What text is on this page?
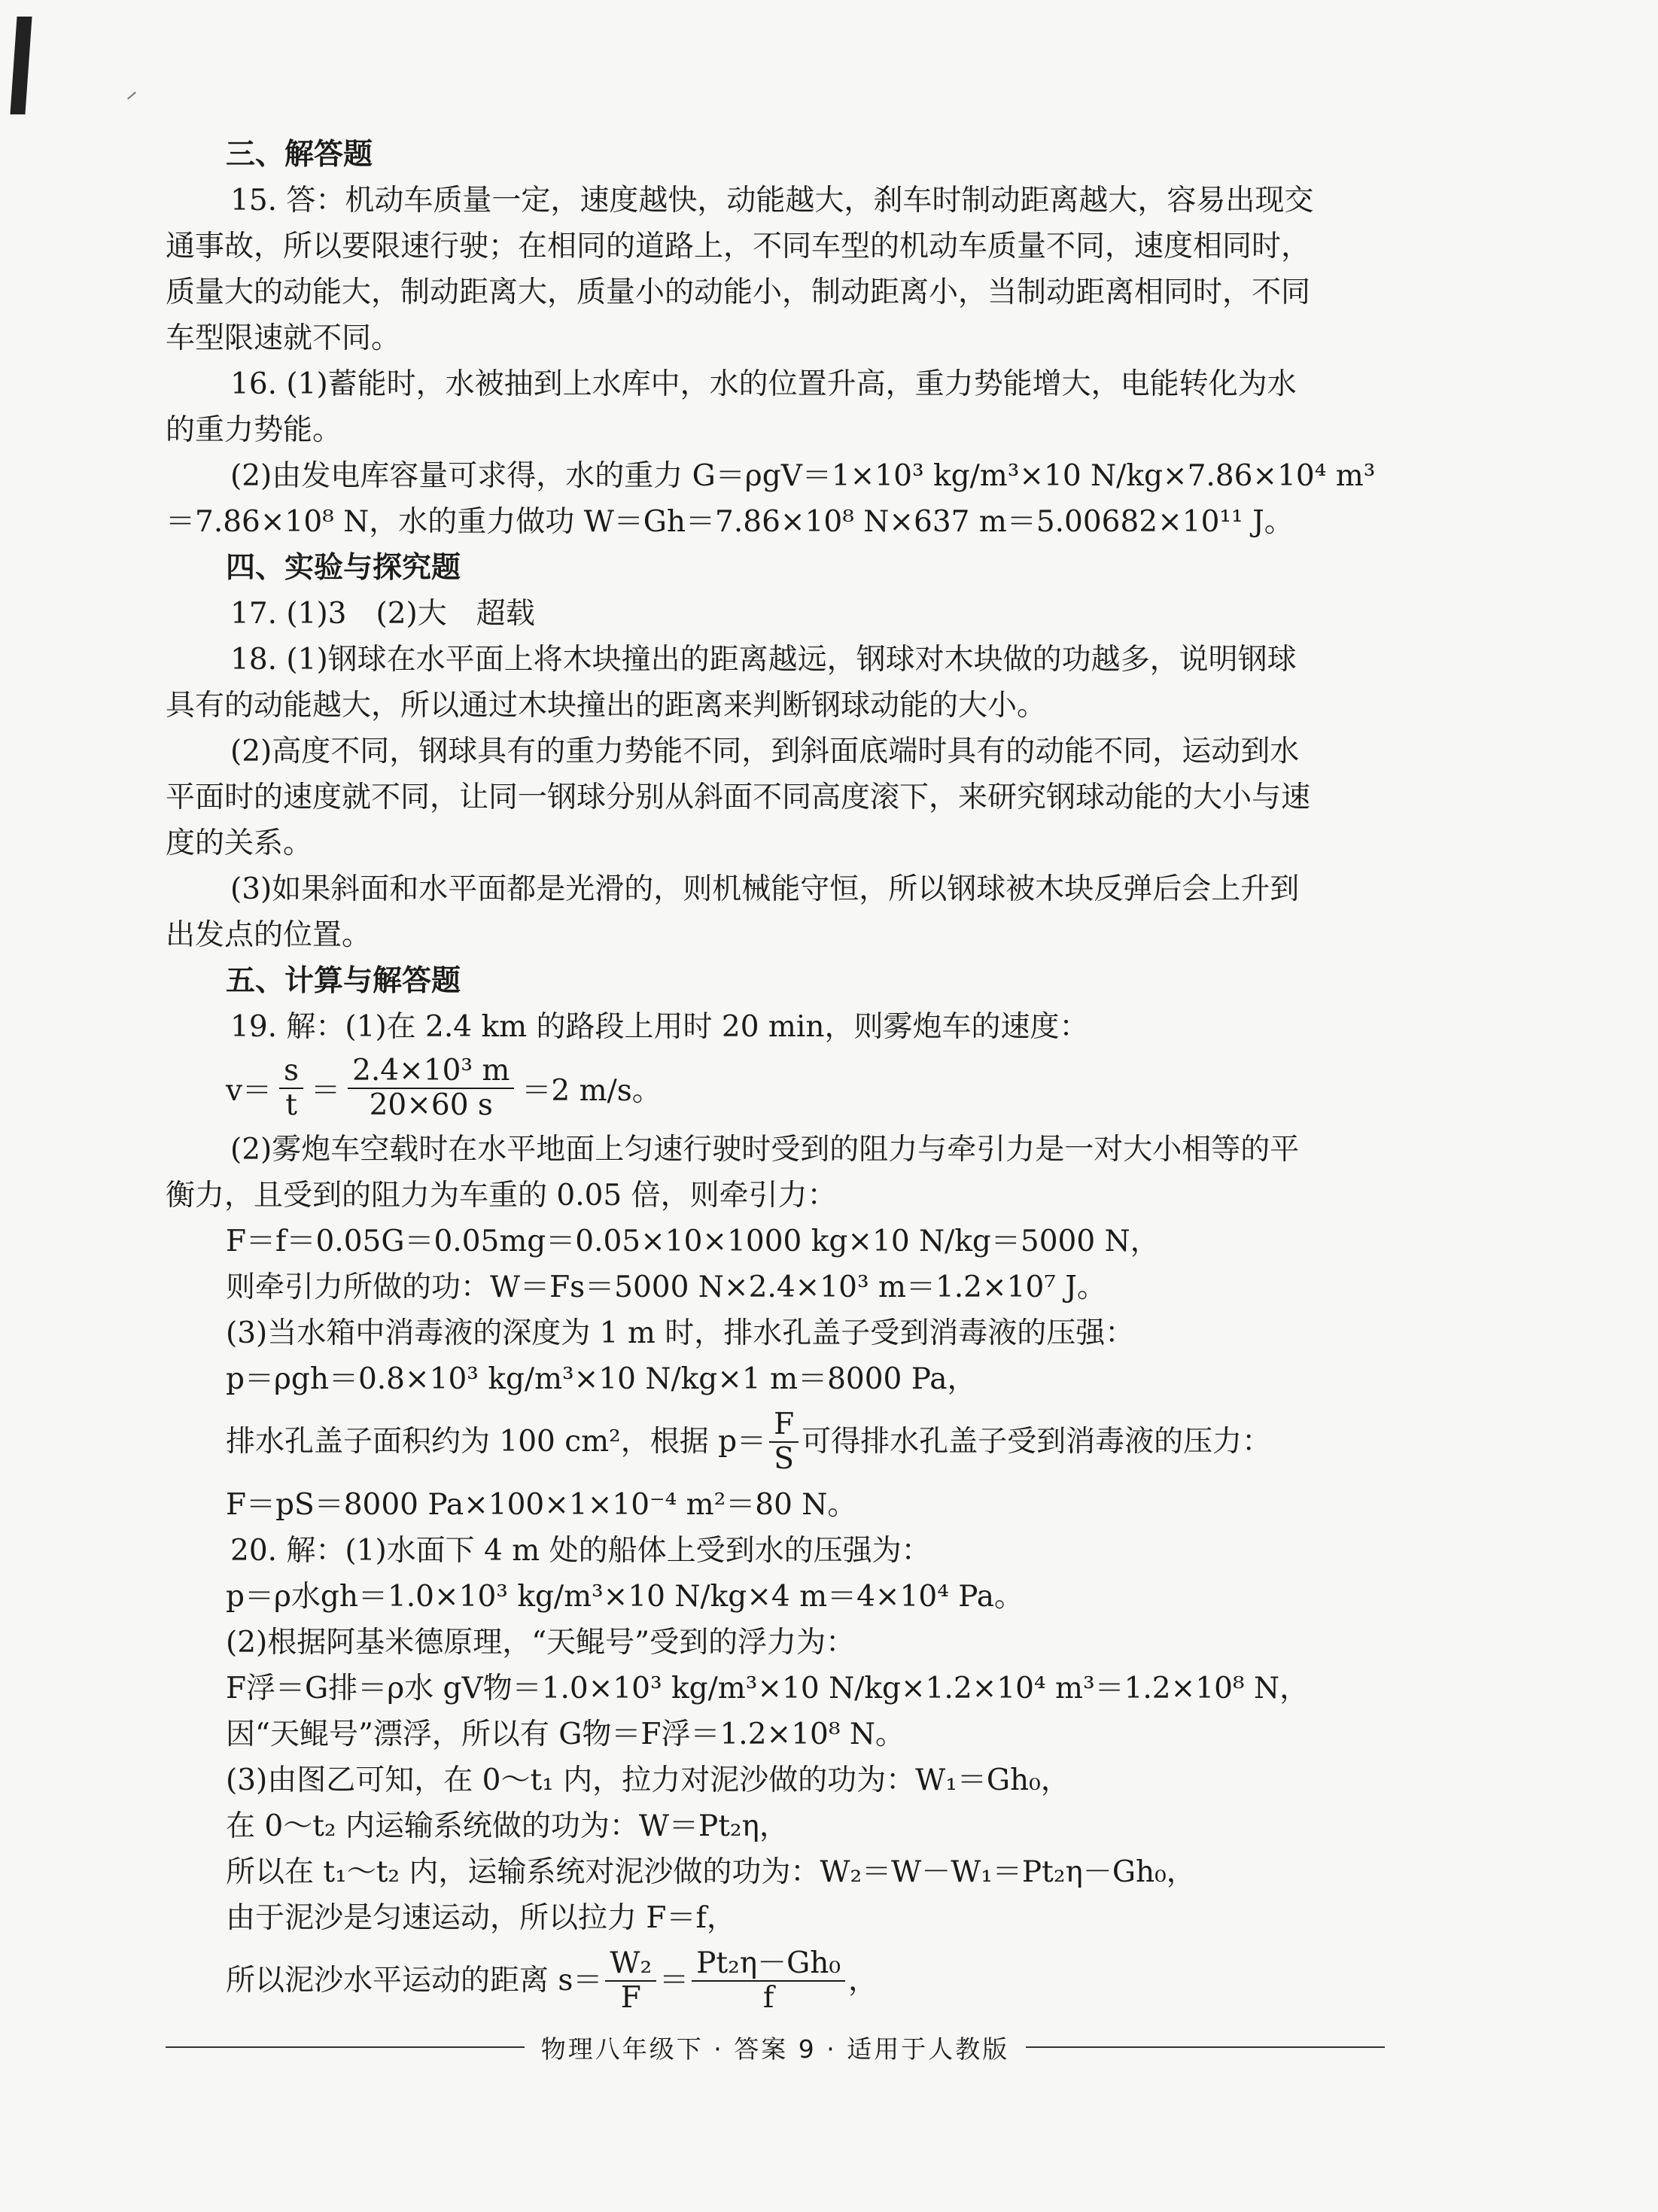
三、解答题
15. 答：机动车质量一定，速度越快，动能越大，刹车时制动距离越大，容易出现交
通事故，所以要限速行驶；在相同的道路上，不同车型的机动车质量不同，速度相同时，
质量大的动能大，制动距离大，质量小的动能小，制动距离小，当制动距离相同时，不同
车型限速就不同。
16. (1)蓄能时，水被抽到上水库中，水的位置升高，重力势能增大，电能转化为水
的重力势能。
(2)由发电库容量可求得，水的重力 G＝ρgV＝1×10³ kg/m³×10 N/kg×7.86×10⁴ m³
＝7.86×10⁸ N，水的重力做功 W＝Gh＝7.86×10⁸ N×637 m＝5.00682×10¹¹ J。
四、实验与探究题
17. (1)3　(2)大　超载
18. (1)钢球在水平面上将木块撞出的距离越远，钢球对木块做的功越多，说明钢球
具有的动能越大，所以通过木块撞出的距离来判断钢球动能的大小。
(2)高度不同，钢球具有的重力势能不同，到斜面底端时具有的动能不同，运动到水
平面时的速度就不同，让同一钢球分别从斜面不同高度滚下，来研究钢球动能的大小与速
度的关系。
(3)如果斜面和水平面都是光滑的，则机械能守恒，所以钢球被木块反弹后会上升到
出发点的位置。
五、计算与解答题
19. 解：(1)在 2.4 km 的路段上用时 20 min，则雾炮车的速度：
$v= \frac{s}{t} = \frac{\text{2.4×10³ m}}{20\times 60 s} =2$ m/s。
(2)雾炮车空载时在水平地面上匀速行驶时受到的阻力与牵引力是一对大小相等的平
衡力，且受到的阻力为车重的 0.05 倍，则牵引力：
F＝f＝0.05G＝0.05mg＝0.05×10×1000 kg×10 N/kg＝5000 N，
则牵引力所做的功：W＝Fs＝5000 N×2.4×10³ m＝1.2×10⁷ J。
(3)当水箱中消毒液的深度为 1 m 时，排水孔盖子受到消毒液的压强：
p＝ρgh＝0.8×10³ kg/m³×10 N/kg×1 m＝8000 Pa，
排水孔盖子面积约为 100 cm²，根据 $p= \frac{F}{S}$ 可得排水孔盖子受到消毒液的压力：
F＝pS＝8000 Pa×100×1×10⁻⁴ m²＝80 N。
20. 解：(1)水面下 4 m 处的船体上受到水的压强为：
p＝ρ水gh＝1.0×10³ kg/m³×10 N/kg×4 m＝4×10⁴ Pa。
(2)根据阿基米德原理，“天鲲号”受到的浮力为：
F浮＝G排＝ρ水 gV物＝1.0×10³ kg/m³×10 N/kg×1.2×10⁴ m³＝1.2×10⁸ N，
因“天鲲号”漂浮，所以有 G物＝F浮＝1.2×10⁸ N。
(3)由图乙可知，在 0～t₁ 内，拉力对泥沙做的功为：W₁＝Gh₀，
在 0～t₂ 内运输系统做的功为：W＝Pt₂η，
所以在 t₁～t₂ 内，运输系统对泥沙做的功为：W₂＝W－W₁＝Pt₂η－Gh₀，
由于泥沙是匀速运动，所以拉力 F＝f，
所以泥沙水平运动的距离 $s= \frac{\text{W₂}}{F} = \frac{\text{Pt₂η－Gh₀}}{f}$ ，
物理八年级下 · 答案 9 · 适用于人教版
